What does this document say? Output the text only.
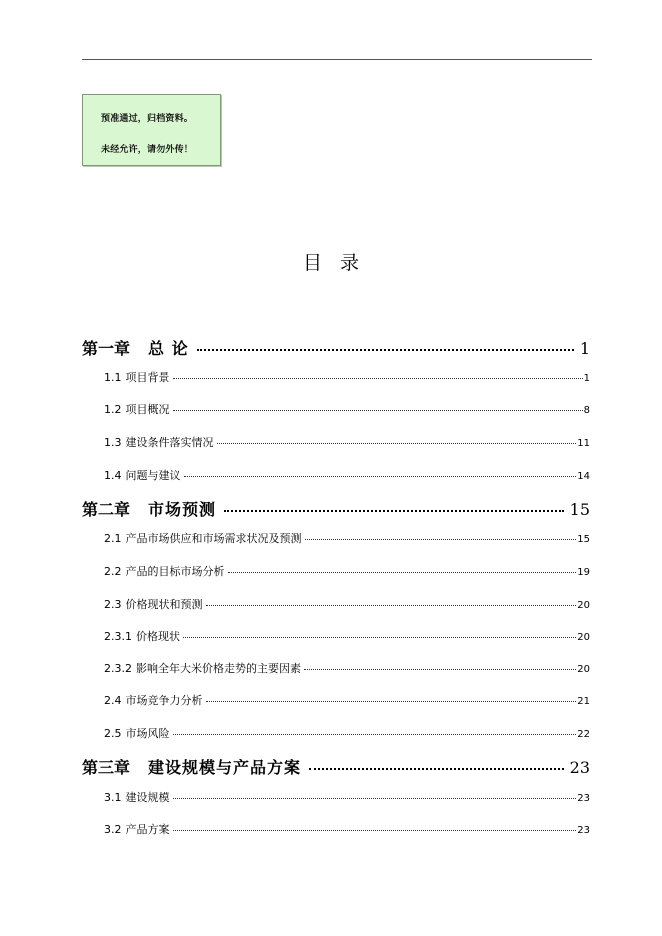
预准通过，归档资料。
未经允许，请勿外传！
目录
第一章 总 论	1
1.1 项目背景	1
1.2 项目概况	8
1.3 建设条件落实情况	11
1.4 问题与建议	14
第二章 市场预测	15
2.1 产品市场供应和市场需求状况及预测	15
2.2 产品的目标市场分析	19
2.3 价格现状和预测	20
2.3.1 价格现状	20
2.3.2 影响全年大米价格走势的主要因素	20
2.4 市场竞争力分析	21
2.5 市场风险	22
第三章 建设规模与产品方案	23
3.1 建设规模	23
3.2 产品方案	23
